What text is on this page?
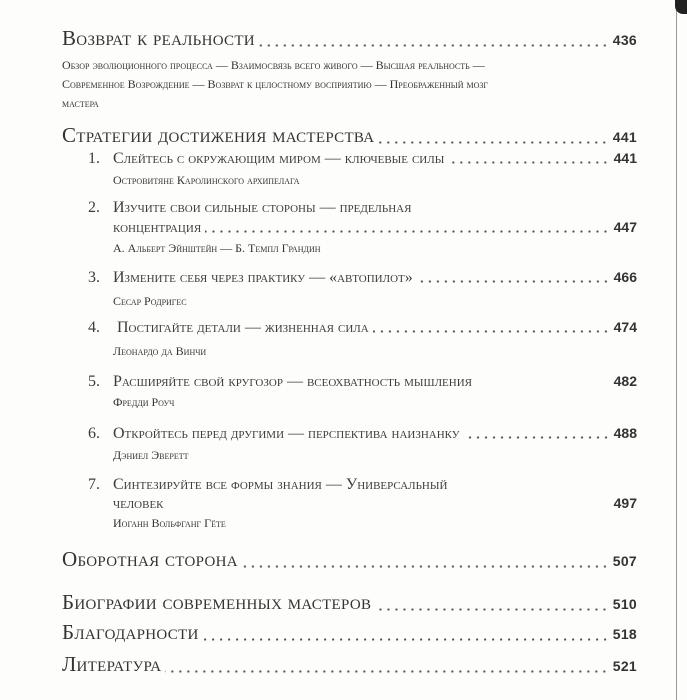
Возврат к реальности	436
Обзор эволюционного процесса — Взаимосвязь всего живого — Высшая реальность —
Современное Возрождение — Возврат к целостному восприятию — Преображенный мозг
мастера
Стратегии достижения мастерства	441
1. Слейтесь с окружающим миром — ключевые силы	441
Островитяне Каролинского архипелага
2. Изучите свои сильные стороны — предельная
концентрация	447
А. Альберт Эйнштейн — Б. Темпл Грандин
3. Измените себя через практику — «автопилот»	466
Сесар Родригес
4. Постигайте детали — жизненная сила	474
Леонардо да Винчи
5. Расширяйте свой кругозор — всеохватность мышления	482
Фредди Роуч
6. Откройтесь перед другими — перспектива наизнанку	488
Дэниел Эверетт
7. Синтезируйте все формы знания — Универсальный
человек	497
Иоганн Вольфганг Гёте
Оборотная сторона	507
Биографии современных мастеров	510
Благодарности	518
Литература	521
